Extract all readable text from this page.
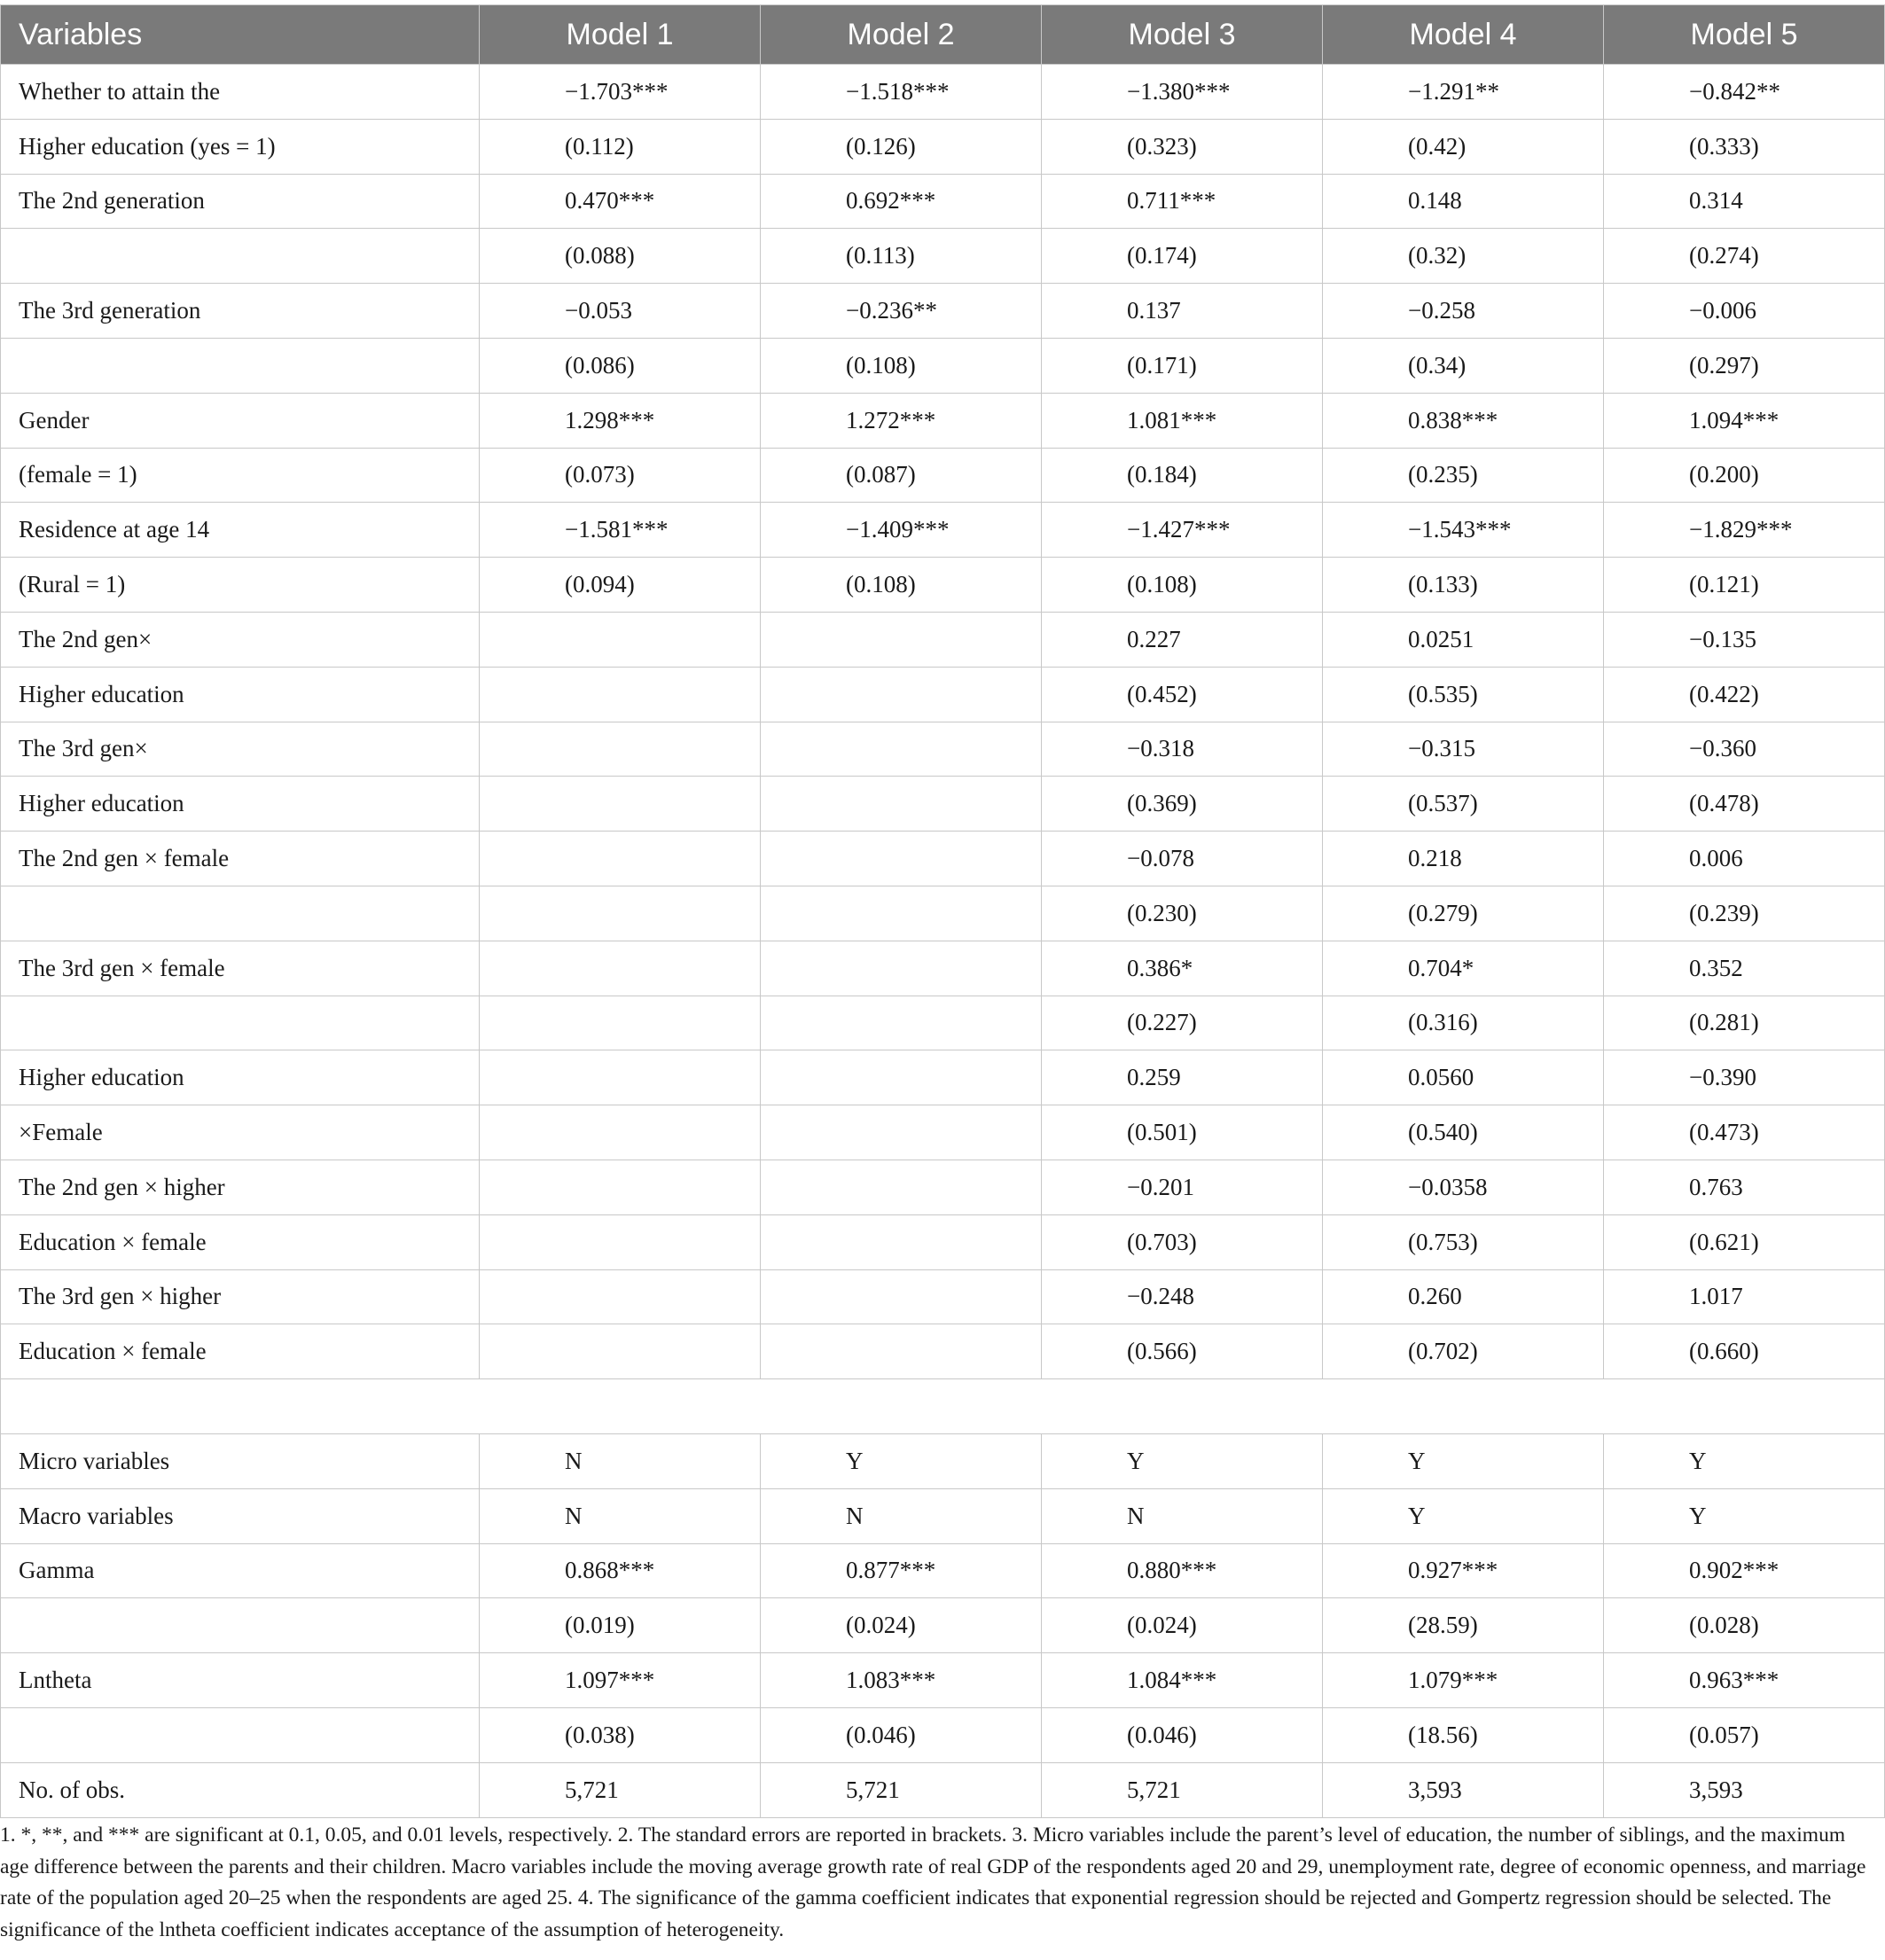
Variables	Model 1	Model 2	Model 3	Model 4	Model 5
Whether to attain the	−1.703***	−1.518***	−1.380***	−1.291**	−0.842**
Higher education (yes = 1)	(0.112)	(0.126)	(0.323)	(0.42)	(0.333)
The 2nd generation	0.470***	0.692***	0.711***	0.148	0.314
	(0.088)	(0.113)	(0.174)	(0.32)	(0.274)
The 3rd generation	−0.053	−0.236**	0.137	−0.258	−0.006
	(0.086)	(0.108)	(0.171)	(0.34)	(0.297)
Gender	1.298***	1.272***	1.081***	0.838***	1.094***
(female = 1)	(0.073)	(0.087)	(0.184)	(0.235)	(0.200)
Residence at age 14	−1.581***	−1.409***	−1.427***	−1.543***	−1.829***
(Rural = 1)	(0.094)	(0.108)	(0.108)	(0.133)	(0.121)
The 2nd gen×			0.227	0.0251	−0.135
Higher education			(0.452)	(0.535)	(0.422)
The 3rd gen×			−0.318	−0.315	−0.360
Higher education			(0.369)	(0.537)	(0.478)
The 2nd gen × female			−0.078	0.218	0.006
			(0.230)	(0.279)	(0.239)
The 3rd gen × female			0.386*	0.704*	0.352
			(0.227)	(0.316)	(0.281)
Higher education			0.259	0.0560	−0.390
×Female			(0.501)	(0.540)	(0.473)
The 2nd gen × higher			−0.201	−0.0358	0.763
Education × female			(0.703)	(0.753)	(0.621)
The 3rd gen × higher			−0.248	0.260	1.017
Education × female			(0.566)	(0.702)	(0.660)

Micro variables	N	Y	Y	Y	Y
Macro variables	N	N	N	Y	Y
Gamma	0.868***	0.877***	0.880***	0.927***	0.902***
	(0.019)	(0.024)	(0.024)	(28.59)	(0.028)
Lntheta	1.097***	1.083***	1.084***	1.079***	0.963***
	(0.038)	(0.046)	(0.046)	(18.56)	(0.057)
No. of obs.	5,721	5,721	5,721	3,593	3,593
1. *, **, and *** are significant at 0.1, 0.05, and 0.01 levels, respectively. 2. The standard errors are reported in brackets. 3. Micro variables include the parent’s level of education, the number of siblings, and the maximum age difference between the parents and their children. Macro variables include the moving average growth rate of real GDP of the respondents aged 20 and 29, unemployment rate, degree of economic openness, and marriage rate of the population aged 20–25 when the respondents are aged 25. 4. The significance of the gamma coefficient indicates that exponential regression should be rejected and Gompertz regression should be selected. The significance of the lntheta coefficient indicates acceptance of the assumption of heterogeneity.
